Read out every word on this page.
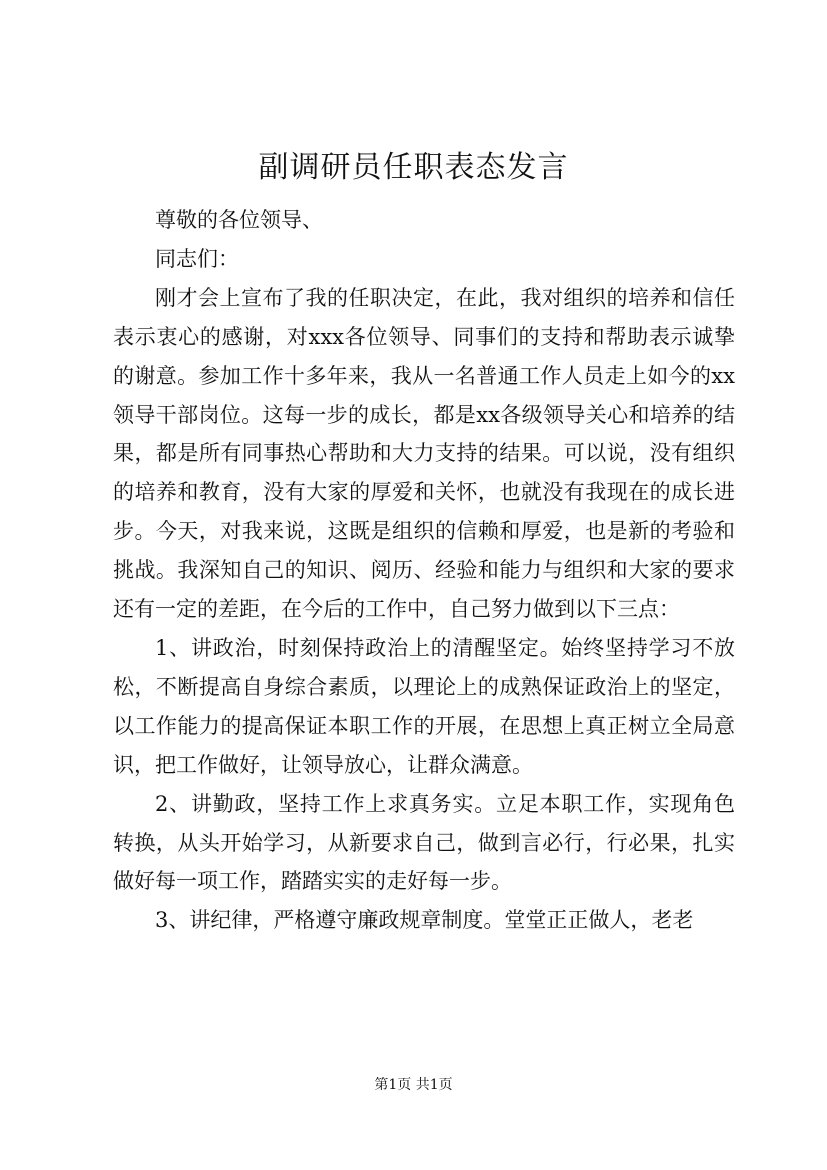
副调研员任职表态发言

尊敬的各位领导、

同志们：

刚才会上宣布了我的任职决定，在此，我对组织的培养和信任表示衷心的感谢，对xxx各位领导、同事们的支持和帮助表示诚挚的谢意。参加工作十多年来，我从一名普通工作人员走上如今的xx领导干部岗位。这每一步的成长，都是xx各级领导关心和培养的结果，都是所有同事热心帮助和大力支持的结果。可以说，没有组织的培养和教育，没有大家的厚爱和关怀，也就没有我现在的成长进步。今天，对我来说，这既是组织的信赖和厚爱，也是新的考验和挑战。我深知自己的知识、阅历、经验和能力与组织和大家的要求还有一定的差距，在今后的工作中，自己努力做到以下三点：

1、讲政治，时刻保持政治上的清醒坚定。始终坚持学习不放松，不断提高自身综合素质，以理论上的成熟保证政治上的坚定，以工作能力的提高保证本职工作的开展，在思想上真正树立全局意识，把工作做好，让领导放心，让群众满意。

2、讲勤政，坚持工作上求真务实。立足本职工作，实现角色转换，从头开始学习，从新要求自己，做到言必行，行必果，扎实做好每一项工作，踏踏实实的走好每一步。

3、讲纪律，严格遵守廉政规章制度。堂堂正正做人，老老

第1页 共1页
